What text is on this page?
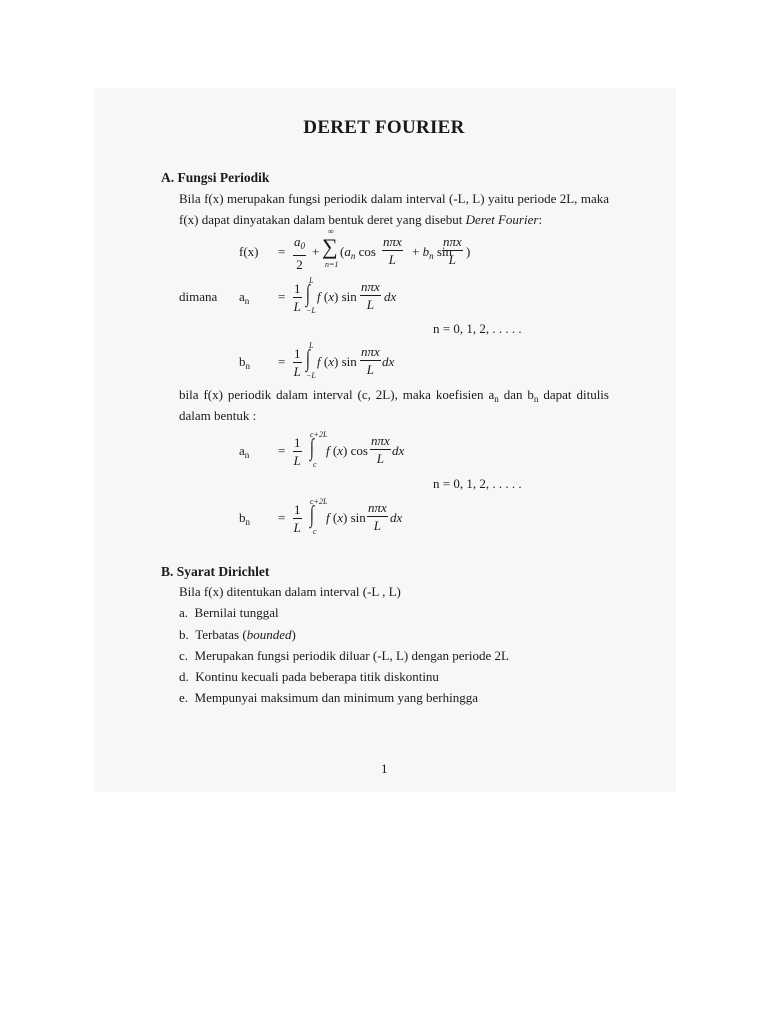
DERET FOURIER
A. Fungsi Periodik
Bila f(x) merupakan fungsi periodik dalam interval (-L, L) yaitu periode 2L, maka
f(x) dapat dinyatakan dalam bentuk deret yang disebut Deret Fourier:
f(x) =
$a_0$
2
+ ∑
∞
n=1
($a_n$ cos
nπx
L
+ $b_n$ sin
nπx
L
)
dimana $a_n$ =
1
L ∫
L
−L
f (x) sin
nπx
L
dx
n = 0, 1, 2, . . . . .
$b_n$ =
1
L ∫
L
−L
f (x) sin
nπx
L
dx
bila f(x) periodik dalam interval (c, 2L), maka koefisien $a_n$ dan $b_n$ dapat ditulis
dalam bentuk :
$a_n$ =
1
L ∫
c+2L
c
f (x) cos
nπx
L
dx
n = 0, 1, 2, . . . . .
$b_n$ =
1
L ∫
c+2L
c
f (x) sin
nπx
L
dx
B. Syarat Dirichlet
Bila f(x) ditentukan dalam interval (-L , L)
a. Bernilai tunggal
b. Terbatas (bounded)
c. Merupakan fungsi periodik diluar (-L, L) dengan periode 2L
d. Kontinu kecuali pada beberapa titik diskontinu
e. Mempunyai maksimum dan minimum yang berhingga
1
